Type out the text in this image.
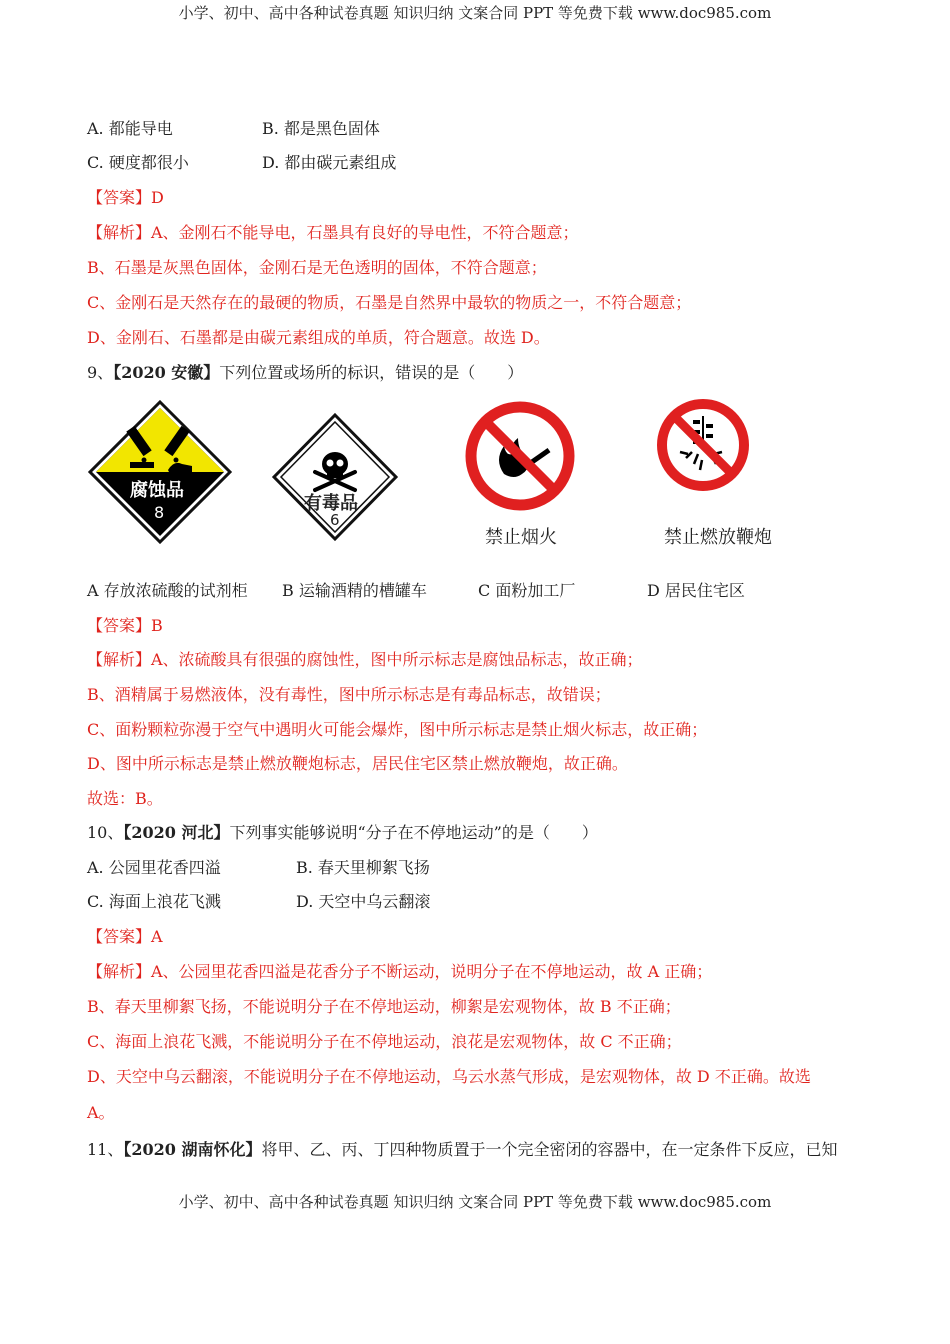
小学、初中、高中各种试卷真题 知识归纳 文案合同 PPT 等免费下载 www.doc985.com
A. 都能导电	B. 都是黑色固体
C. 硬度都很小	D. 都由碳元素组成
【答案】D
【解析】A、金刚石不能导电，石墨具有良好的导电性，不符合题意；
B、石墨是灰黑色固体，金刚石是无色透明的固体，不符合题意；
C、金刚石是天然存在的最硬的物质，石墨是自然界中最软的物质之一，不符合题意；
D、金刚石、石墨都是由碳元素组成的单质，符合题意。故选 D。
9、【2020 安徽】下列位置或场所的标识，错误的是（　　）
腐蚀品
8	有毒品
6
禁止烟火	禁止燃放鞭炮
A 存放浓硫酸的试剂柜 B 运输酒精的槽罐车	C 面粉加工厂	D 居民住宅区
【答案】B
【解析】A、浓硫酸具有很强的腐蚀性，图中所示标志是腐蚀品标志，故正确；
B、酒精属于易燃液体，没有毒性，图中所示标志是有毒品标志，故错误；
C、面粉颗粒弥漫于空气中遇明火可能会爆炸，图中所示标志是禁止烟火标志，故正确；
D、图中所示标志是禁止燃放鞭炮标志，居民住宅区禁止燃放鞭炮，故正确。
故选：B。
10、【2020 河北】下列事实能够说明“分子在不停地运动”的是（　　）
A. 公园里花香四溢	B. 春天里柳絮飞扬
C. 海面上浪花飞溅	D. 天空中乌云翻滚
【答案】A
【解析】A、公园里花香四溢是花香分子不断运动，说明分子在不停地运动，故 A 正确；
B、春天里柳絮飞扬，不能说明分子在不停地运动，柳絮是宏观物体，故 B 不正确；
C、海面上浪花飞溅，不能说明分子在不停地运动，浪花是宏观物体，故 C 不正确；
D、天空中乌云翻滚，不能说明分子在不停地运动，乌云水蒸气形成，是宏观物体，故 D 不正确。故选
A。
11、【2020 湖南怀化】将甲、乙、丙、丁四种物质置于一个完全密闭的容器中，在一定条件下反应，已知
小学、初中、高中各种试卷真题 知识归纳 文案合同 PPT 等免费下载 www.doc985.com
